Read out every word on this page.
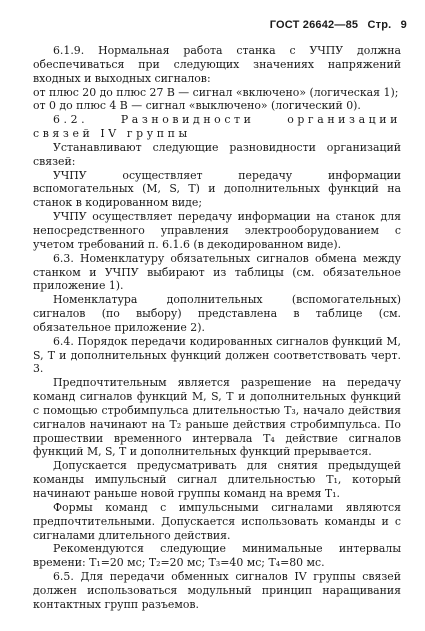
ГОСТ 26642—85 Стр. 9

6.1.9. Нормальная работа станка с УЧПУ должна обеспечиваться при следующих значениях напряжений входных и выходных сигналов:

от плюс 20 до плюс 27 В — сигнал «включено» (логическая 1);

от 0 до плюс 4 В — сигнал «выключено» (логический 0).

6.2. Разновидности организации связей IV группы

Устанавливают следующие разновидности организаций связей:

УЧПУ осуществляет передачу информации вспомогательных (М, S, Т) и дополнительных функций на станок в кодированном виде;

УЧПУ осуществляет передачу информации на станок для непосредственного управления электрооборудованием с учетом требований п. 6.1.6 (в декодированном виде).

6.3. Номенклатуру обязательных сигналов обмена между станком и УЧПУ выбирают из таблицы (см. обязательное приложение 1).

Номенклатура дополнительных (вспомогательных) сигналов (по выбору) представлена в таблице (см. обязательное приложение 2).

6.4. Порядок передачи кодированных сигналов функций М, S, Т и дополнительных функций должен соответствовать черт. 3.

Предпочтительным является разрешение на передачу команд сигналов функций М, S, Т и дополнительных функций с помощью стробимпульса длительностью T₃, начало действия сигналов начинают на T₂ раньше действия стробимпульса. По прошествии временного интервала T₄ действие сигналов функций М, S, Т и дополнительных функций прерывается.

Допускается предусматривать для снятия предыдущей команды импульсный сигнал длительностью T₁, который начинают раньше новой группы команд на время T₁.

Формы команд с импульсными сигналами являются предпочтительными. Допускается использовать команды и с сигналами длительного действия.

Рекомендуются следующие минимальные интервалы времени: T₁=20 мс; T₂=20 мс; T₃=40 мс; T₄=80 мс.

6.5. Для передачи обменных сигналов IV группы связей должен использоваться модульный принцип наращивания контактных групп разъемов.
